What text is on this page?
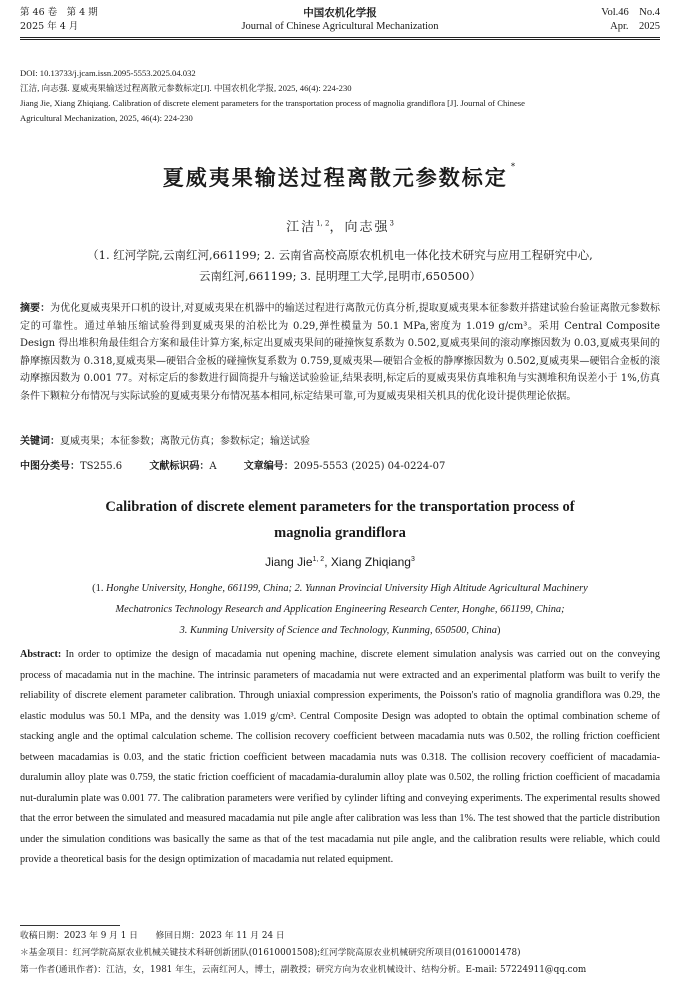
第 46 卷　第 4 期
2025 年 4 月
中国农机化学报
Journal of Chinese Agricultural Mechanization
Vol.46　No.4
Apr.　2025
DOI: 10.13733/j.jcam.issn.2095-5553.2025.04.032
江洁, 向志强. 夏威夷果输送过程离散元参数标定[J]. 中国农机化学报, 2025, 46(4): 224-230
Jiang Jie, Xiang Zhiqiang. Calibration of discrete element parameters for the transportation process of magnolia grandiflora [J]. Journal of Chinese
Agricultural Mechanization, 2025, 46(4): 224-230
夏威夷果输送过程离散元参数标定 *
江洁$^{1, 2}$，向志强$^3$
（1. 红河学院,云南红河,661199; 2. 云南省高校高原农机机电一体化技术研究与应用工程研究中心,
云南红河,661199; 3. 昆明理工大学,昆明市,650500）
摘要：为优化夏威夷果开口机的设计,对夏威夷果在机器中的输送过程进行离散元仿真分析,提取夏威夷果本征参数并搭建试验台验证离散元参数标定的可靠性。通过单轴压缩试验得到夏威夷果的泊松比为 0.29,弹性模量为 50.1 MPa,密度为 1.019 g/cm³。采用 Central Composite Design 得出堆积角最佳组合方案和最佳计算方案,标定出夏威夷果间的碰撞恢复系数为 0.502,夏威夷果间的滚动摩擦因数为 0.03,夏威夷果间的静摩擦因数为 0.318,夏威夷果—硬铝合金板的碰撞恢复系数为 0.759,夏威夷果—硬铝合金板的静摩擦因数为 0.502,夏威夷果—硬铝合金板的滚动摩擦因数为 0.001 77。对标定后的参数进行圆筒提升与输送试验验证,结果表明,标定后的夏威夷果仿真堆积角与实测堆积角误差小于 1%,仿真条件下颗粒分布情况与实际试验的夏威夷果分布情况基本相同,标定结果可靠,可为夏威夷果相关机具的优化设计提供理论依据。
关键词：夏威夷果；本征参数；离散元仿真；参数标定；输送试验
中图分类号：TS255.6	文献标识码：A	文章编号：2095-5553 (2025) 04-0224-07
Calibration of discrete element parameters for the transportation process of
magnolia grandiflora
Jiang Jie$^{1, 2}$, Xiang Zhiqiang$^3$
(1. Honghe University, Honghe, 661199, China; 2. Yunnan Provincial University High Altitude Agricultural Machinery
Mechatronics Technology Research and Application Engineering Research Center, Honghe, 661199, China;
3. Kunming University of Science and Technology, Kunming, 650500, China)
Abstract: In order to optimize the design of macadamia nut opening machine, discrete element simulation analysis was carried out on the conveying process of macadamia nut in the machine. The intrinsic parameters of macadamia nut were extracted and an experimental platform was built to verify the reliability of discrete element parameter calibration. Through uniaxial compression experiments, the Poisson's ratio of magnolia grandiflora was 0.29, the elastic modulus was 50.1 MPa, and the density was 1.019 g/cm³. Central Composite Design was adopted to obtain the optimal combination scheme of stacking angle and the optimal calculation scheme. The collision recovery coefficient between macadamia nuts was 0.502, the rolling friction coefficient between macadamias is 0.03, and the static friction coefficient between macadamia nuts was 0.318. The collision recovery coefficient of macadamia-duralumin alloy plate was 0.759, the static friction coefficient of macadamia-duralumin alloy plate was 0.502, the rolling friction coefficient of macadamia nut-duralumin plate was 0.001 77. The calibration parameters were verified by cylinder lifting and conveying experiments. The experimental results showed that the error between the simulated and measured macadamia nut pile angle after calibration was less than 1%. The test showed that the particle distribution under the simulation conditions was basically the same as that of the test macadamia nut pile angle, and the calibration results were reliable, which could provide a theoretical basis for the design optimization of macadamia nut related equipment.
收稿日期：2023 年 9 月 1 日　　修回日期：2023 年 11 月 24 日
＊基金项目：红河学院高原农业机械关键技术科研创新团队(01610001508);红河学院高原农业机械研究所项目(01610001478)
第一作者(通讯作者)：江洁，女，1981 年生，云南红河人，博士，副教授；研究方向为农业机械设计、结构分析。E-mail: 57224911@qq.com
